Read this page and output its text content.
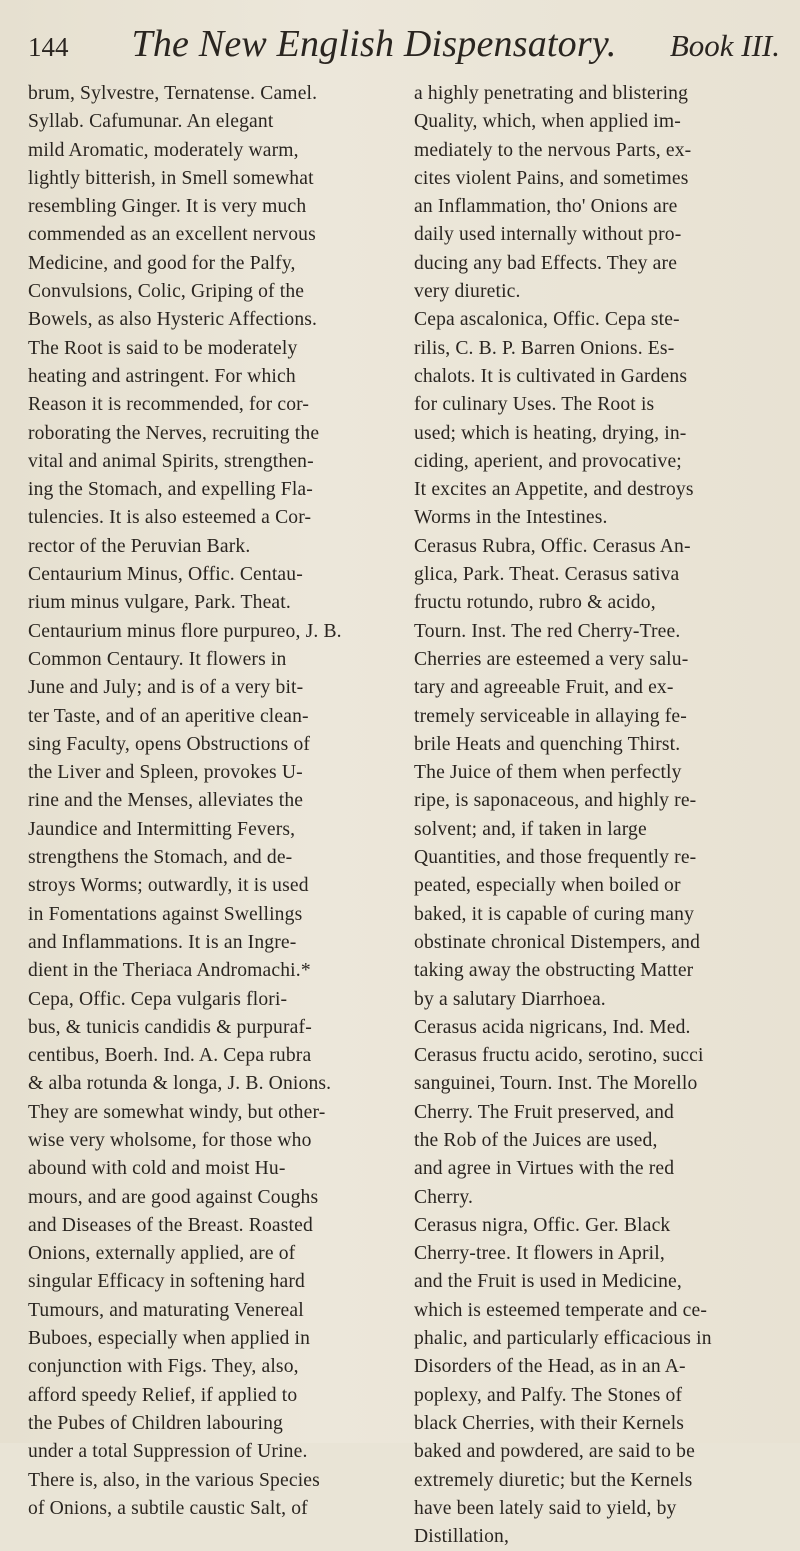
144	The New English Dispensatory.	Book III.
brum, Sylvestre, Ternatense. Camel.
Syllab. Cafumunar. An elegant
mild Aromatic, moderately warm,
lightly bitterish, in Smell somewhat
resembling Ginger. It is very much
commended as an excellent nervous
Medicine, and good for the Palfy,
Convulsions, Colic, Griping of the
Bowels, as also Hysteric Affections.
The Root is said to be moderately
heating and astringent. For which
Reason it is recommended, for cor-
roborating the Nerves, recruiting the
vital and animal Spirits, strengthen-
ing the Stomach, and expelling Fla-
tulencies. It is also esteemed a Cor-
rector of the Peruvian Bark.
Centaurium Minus, Offic. Centau-
rium minus vulgare, Park. Theat.
Centaurium minus flore purpureo, J. B.
Common Centaury. It flowers in
June and July; and is of a very bit-
ter Taste, and of an aperitive clean-
sing Faculty, opens Obstructions of
the Liver and Spleen, provokes U-
rine and the Menses, alleviates the
Jaundice and Intermitting Fevers,
strengthens the Stomach, and de-
stroys Worms; outwardly, it is used
in Fomentations against Swellings
and Inflammations. It is an Ingre-
dient in the Theriaca Andromachi.*
Cepa, Offic. Cepa vulgaris flori-
bus, & tunicis candidis & purpuraf-
centibus, Boerh. Ind. A. Cepa rubra
& alba rotunda & longa, J. B. Onions.
They are somewhat windy, but other-
wise very wholsome, for those who
abound with cold and moist Hu-
mours, and are good against Coughs
and Diseases of the Breast. Roasted
Onions, externally applied, are of
singular Efficacy in softening hard
Tumours, and maturating Venereal
Buboes, especially when applied in
conjunction with Figs. They, also,
afford speedy Relief, if applied to
the Pubes of Children labouring
under a total Suppression of Urine.
There is, also, in the various Species
of Onions, a subtile caustic Salt, of
a highly penetrating and blistering
Quality, which, when applied im-
mediately to the nervous Parts, ex-
cites violent Pains, and sometimes
an Inflammation, tho' Onions are
daily used internally without pro-
ducing any bad Effects. They are
very diuretic.
Cepa ascalonica, Offic. Cepa ste-
rilis, C. B. P. Barren Onions. Es-
chalots. It is cultivated in Gardens
for culinary Uses. The Root is
used; which is heating, drying, in-
ciding, aperient, and provocative;
It excites an Appetite, and destroys
Worms in the Intestines.
Cerasus Rubra, Offic. Cerasus An-
glica, Park. Theat. Cerasus sativa
fructu rotundo, rubro & acido,
Tourn. Inst. The red Cherry-Tree.
Cherries are esteemed a very salu-
tary and agreeable Fruit, and ex-
tremely serviceable in allaying fe-
brile Heats and quenching Thirst.
The Juice of them when perfectly
ripe, is saponaceous, and highly re-
solvent; and, if taken in large
Quantities, and those frequently re-
peated, especially when boiled or
baked, it is capable of curing many
obstinate chronical Distempers, and
taking away the obstructing Matter
by a salutary Diarrhoea.
Cerasus acida nigricans, Ind. Med.
Cerasus fructu acido, serotino, succi
sanguinei, Tourn. Inst. The Morello
Cherry. The Fruit preserved, and
the Rob of the Juices are used,
and agree in Virtues with the red
Cherry.
Cerasus nigra, Offic. Ger. Black
Cherry-tree. It flowers in April,
and the Fruit is used in Medicine,
which is esteemed temperate and ce-
phalic, and particularly efficacious in
Disorders of the Head, as in an A-
poplexy, and Palfy. The Stones of
black Cherries, with their Kernels
baked and powdered, are said to be
extremely diuretic; but the Kernels
have been lately said to yield, by
Distillation,
